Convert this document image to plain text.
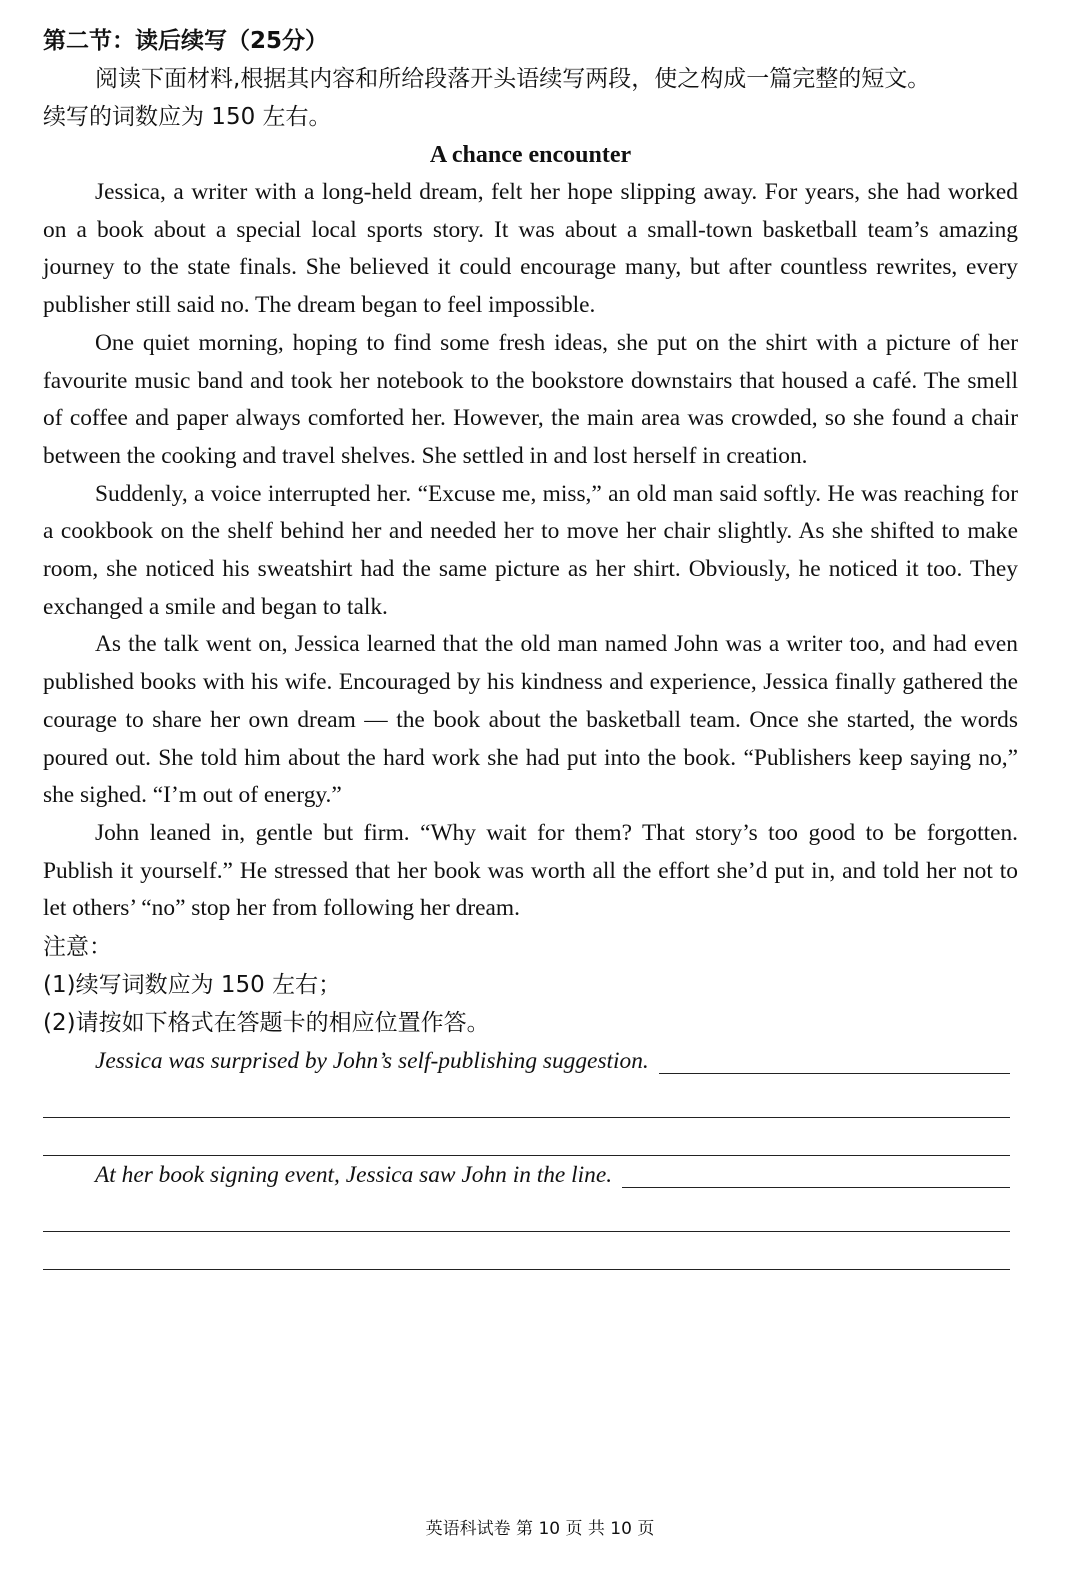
第二节：读后续写（25分）

阅读下面材料,根据其内容和所给段落开头语续写两段，使之构成一篇完整的短文。

续写的词数应为 150 左右。

A chance encounter

Jessica, a writer with a long-held dream, felt her hope slipping away. For years, she had worked on a book about a special local sports story. It was about a small-town basketball team’s amazing journey to the state finals. She believed it could encourage many, but after countless rewrites, every publisher still said no. The dream began to feel impossible.

One quiet morning, hoping to find some fresh ideas, she put on the shirt with a picture of her favourite music band and took her notebook to the bookstore downstairs that housed a café. The smell of coffee and paper always comforted her. However, the main area was crowded, so she found a chair between the cooking and travel shelves. She settled in and lost herself in creation.

Suddenly, a voice interrupted her. “Excuse me, miss,” an old man said softly. He was reaching for a cookbook on the shelf behind her and needed her to move her chair slightly. As she shifted to make room, she noticed his sweatshirt had the same picture as her shirt. Obviously, he noticed it too. They exchanged a smile and began to talk.

As the talk went on, Jessica learned that the old man named John was a writer too, and had even published books with his wife. Encouraged by his kindness and experience, Jessica finally gathered the courage to share her own dream — the book about the basketball team. Once she started, the words poured out. She told him about the hard work she had put into the book. “Publishers keep saying no,” she sighed. “I’m out of energy.”

John leaned in, gentle but firm. “Why wait for them? That story’s too good to be forgotten. Publish it yourself.” He stressed that her book was worth all the effort she’d put in, and told her not to let others’ “no” stop her from following her dream.

注意：

(1)续写词数应为 150 左右；

(2)请按如下格式在答题卡的相应位置作答。

Jessica was surprised by John’s self-publishing suggestion.
At her book signing event, Jessica saw John in the line.
英语科试卷 第 10 页 共 10 页
